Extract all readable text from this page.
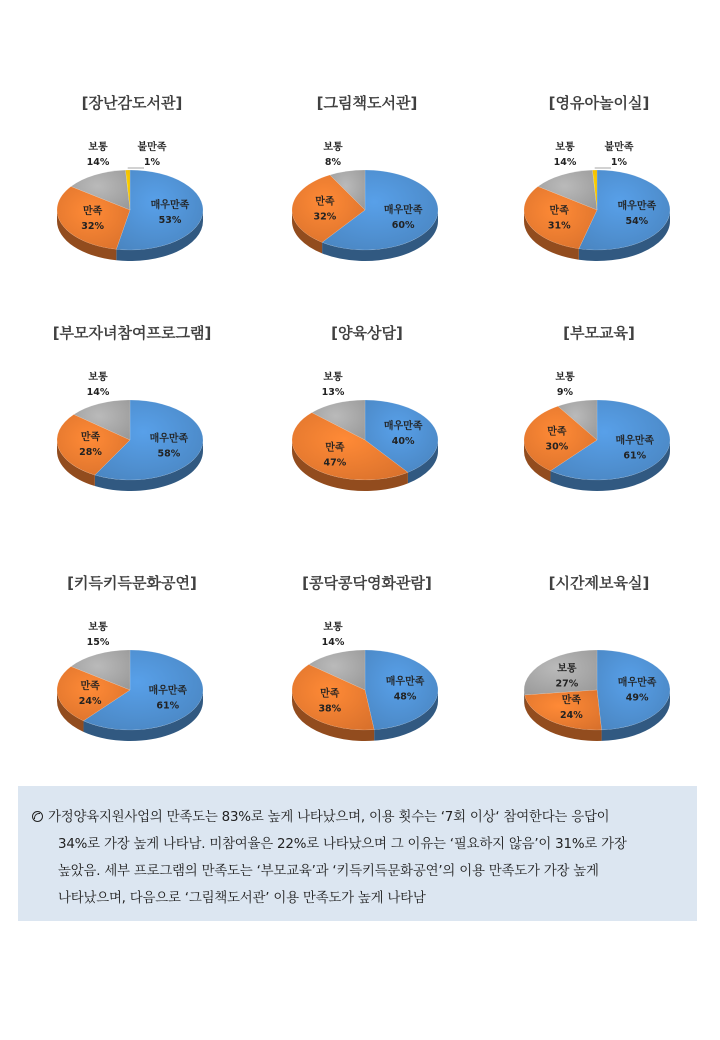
[장난감도서관]
매우만족
53%
불만족
1%
보통
14%
만족
32%
[그림책도서관]
매우만족
60%
보통
8%
만족
32%
[영유아놀이실]
매우만족
54%
불만족
1%
보통
14%
만족
31%
[부모자녀참여프로그램]
매우만족
58%
보통
14%
만족
28%
[양육상담]
매우만족
40%
보통
13%
만족
47%
[부모교육]
매우만족
61%
보통
9%
만족
30%
[키득키득문화공연]
매우만족
61%
보통
15%
만족
24%
[콩닥콩닥영화관람]
매우만족
48%
보통
14%
만족
38%
[시간제보육실]
매우만족
49%
보통
27%
만족
24%
가정양육지원사업의 만족도는 83%로 높게 나타났으며, 이용 횟수는 ‘7회 이상‘ 참여한다는 응답이
34%로 가장 높게 나타남. 미참여율은 22%로 나타났으며 그 이유는 ‘필요하지 않음’이 31%로 가장
높았음. 세부 프로그램의 만족도는 ‘부모교육’과 ‘키득키득문화공연’의 이용 만족도가 가장 높게
나타났으며, 다음으로 ‘그림책도서관’ 이용 만족도가 높게 나타남
